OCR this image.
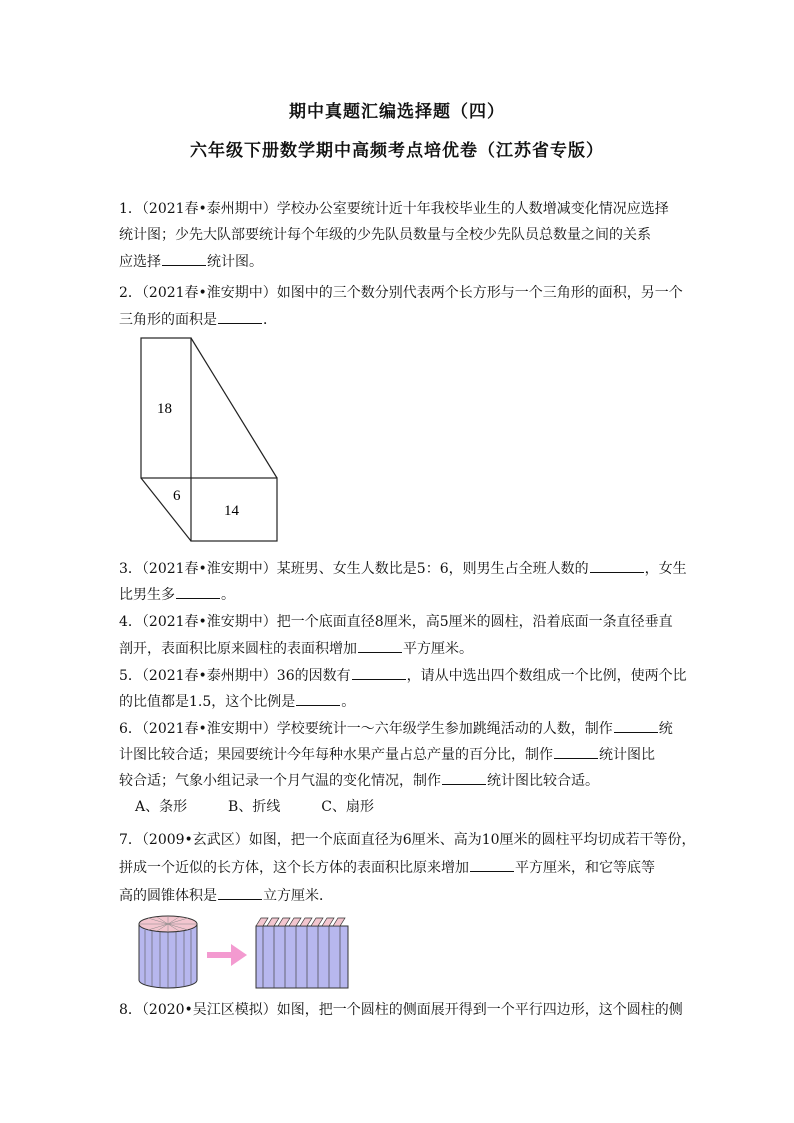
期中真题汇编选择题（四）
六年级下册数学期中高频考点培优卷（江苏省专版）
1．（2021春•泰州期中）学校办公室要统计近十年我校毕业生的人数增减变化情况应选择
统计图；少先大队部要统计每个年级的少先队员数量与全校少先队员总数量之间的关系
应选择	统计图。
2．（2021春•淮安期中）如图中的三个数分别代表两个长方形与一个三角形的面积，另一个
三角形的面积是	．
18
6
14
3．（2021春•淮安期中）某班男、女生人数比是5：6，则男生占全班人数的	，女生
比男生多	。
4．（2021春•淮安期中）把一个底面直径8厘米，高5厘米的圆柱，沿着底面一条直径垂直
剖开，表面积比原来圆柱的表面积增加	平方厘米。
5．（2021春•泰州期中）36的因数有	，请从中选出四个数组成一个比例，使两个比
的比值都是1.5，这个比例是	。
6．（2021春•淮安期中）学校要统计一～六年级学生参加跳绳活动的人数，制作	统
计图比较合适；果园要统计今年每种水果产量占总产量的百分比，制作	统计图比
较合适；气象小组记录一个月气温的变化情况，制作	统计图比较合适。
A、条形	B、折线	C、扇形
7．（2009•玄武区）如图，把一个底面直径为6厘米、高为10厘米的圆柱平均切成若干等份，
拼成一个近似的长方体，这个长方体的表面积比原来增加	平方厘米，和它等底等
高的圆锥体积是	立方厘米．
8．（2020•吴江区模拟）如图，把一个圆柱的侧面展开得到一个平行四边形，这个圆柱的侧
